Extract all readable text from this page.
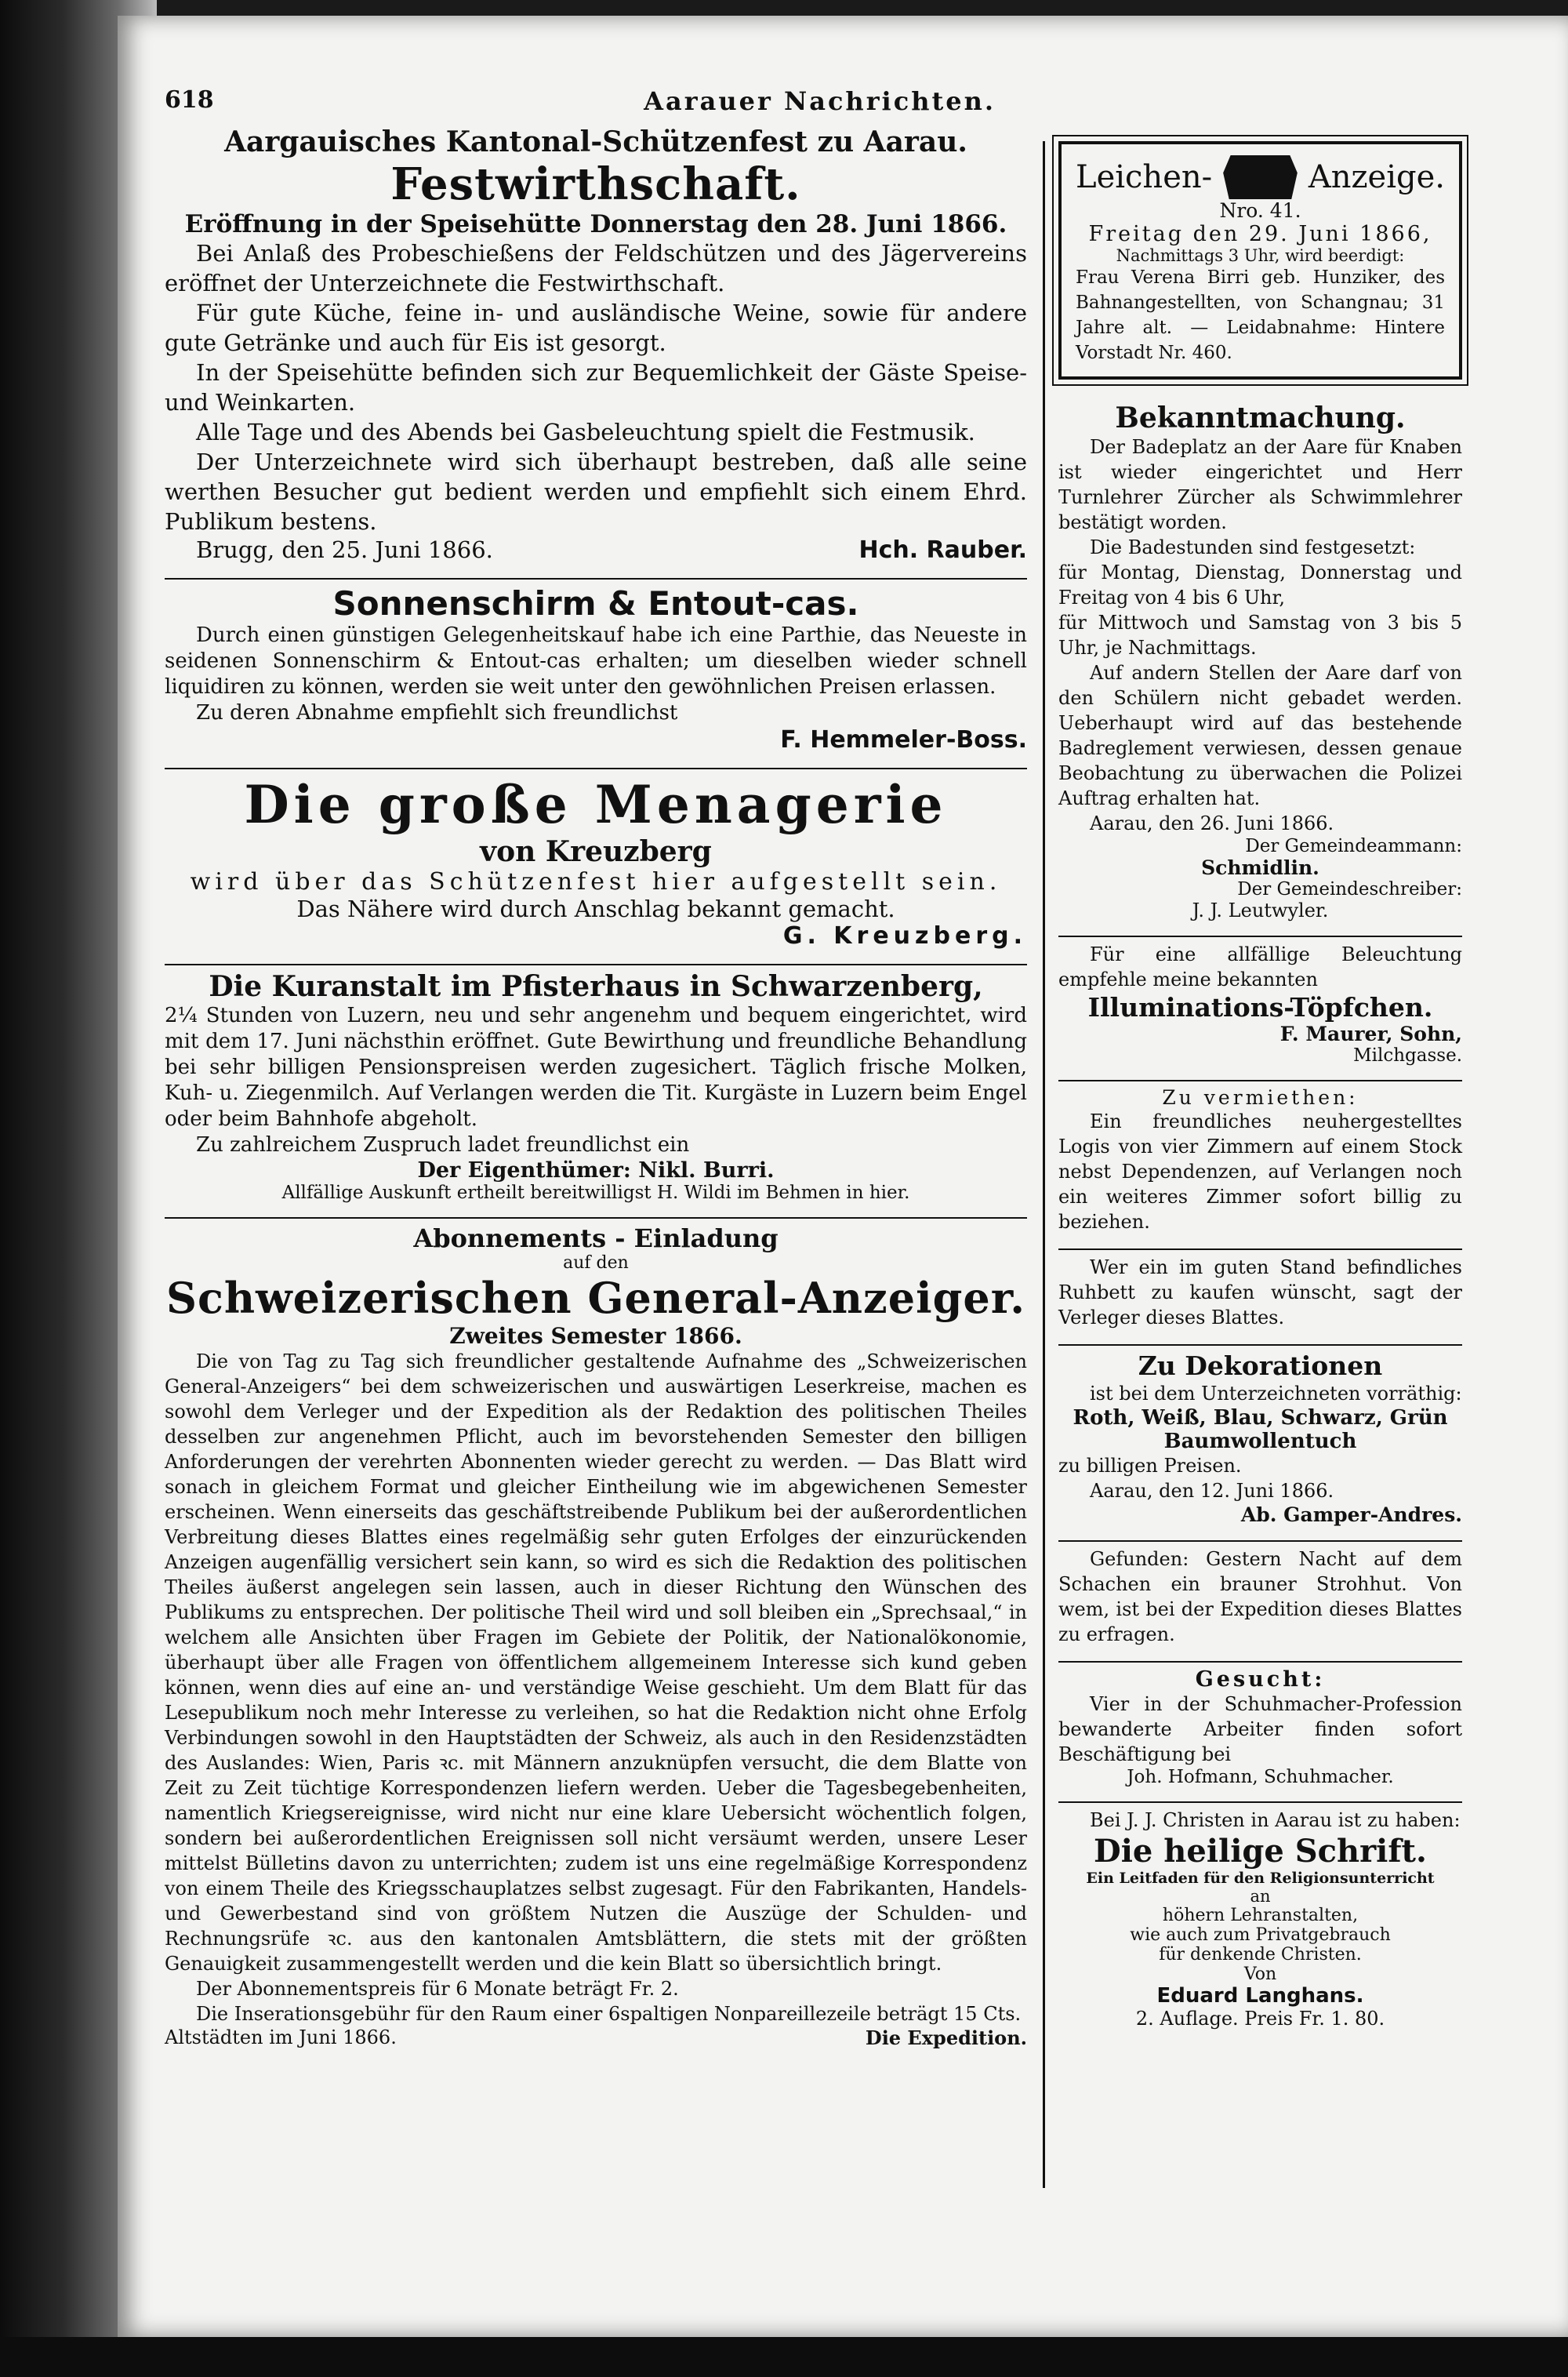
618	Aarauer Nachrichten.
Aargauisches Kantonal-Schützenfest zu Aarau.
Festwirthschaft.
Eröffnung in der Speisehütte Donnerstag den 28. Juni 1866.

Bei Anlaß des Probeschießens der Feldschützen und des Jägervereins eröffnet der Unterzeichnete die Festwirthschaft.

Für gute Küche, feine in- und ausländische Weine, sowie für andere gute Getränke und auch für Eis ist gesorgt.

In der Speisehütte befinden sich zur Bequemlichkeit der Gäste Speise- und Weinkarten.

Alle Tage und des Abends bei Gasbeleuchtung spielt die Festmusik.

Der Unterzeichnete wird sich überhaupt bestreben, daß alle seine werthen Besucher gut bedient werden und empfiehlt sich einem Ehrd. Publikum bestens.

Brugg, den 25. Juni 1866.	Hch. Rauber.
Sonnenschirm & Entout-cas.

Durch einen günstigen Gelegenheitskauf habe ich eine Parthie, das Neueste in seidenen Sonnenschirm & Entout-cas erhalten; um dieselben wieder schnell liquidiren zu können, werden sie weit unter den gewöhnlichen Preisen erlassen.

Zu deren Abnahme empfiehlt sich freundlichst

F. Hemmeler-Boss.
Die große Menagerie
von Kreuzberg
wird über das Schützenfest hier aufgestellt sein.
Das Nähere wird durch Anschlag bekannt gemacht.
G. Kreuzberg.
Die Kuranstalt im Pfisterhaus in Schwarzenberg,

2¼ Stunden von Luzern, neu und sehr angenehm und bequem eingerichtet, wird mit dem 17. Juni nächsthin eröffnet. Gute Bewirthung und freundliche Behandlung bei sehr billigen Pensionspreisen werden zugesichert. Täglich frische Molken, Kuh- u. Ziegenmilch. Auf Verlangen werden die Tit. Kurgäste in Luzern beim Engel oder beim Bahnhofe abgeholt.

Zu zahlreichem Zuspruch ladet freundlichst ein

Der Eigenthümer: Nikl. Burri.
Allfällige Auskunft ertheilt bereitwilligst H. Wildi im Behmen in hier.
Abonnements - Einladung
auf den
Schweizerischen General-Anzeiger.
Zweites Semester 1866.

Die von Tag zu Tag sich freundlicher gestaltende Aufnahme des „Schweizerischen General-Anzeigers“ bei dem schweizerischen und auswärtigen Leserkreise, machen es sowohl dem Verleger und der Expedition als der Redaktion des politischen Theiles desselben zur angenehmen Pflicht, auch im bevorstehenden Semester den billigen Anforderungen der verehrten Abonnenten wieder gerecht zu werden. — Das Blatt wird sonach in gleichem Format und gleicher Eintheilung wie im abgewichenen Semester erscheinen. Wenn einerseits das geschäftstreibende Publikum bei der außerordentlichen Verbreitung dieses Blattes eines regelmäßig sehr guten Erfolges der einzurückenden Anzeigen augenfällig versichert sein kann, so wird es sich die Redaktion des politischen Theiles äußerst angelegen sein lassen, auch in dieser Richtung den Wünschen des Publikums zu entsprechen. Der politische Theil wird und soll bleiben ein „Sprechsaal,“ in welchem alle Ansichten über Fragen im Gebiete der Politik, der Nationalökonomie, überhaupt über alle Fragen von öffentlichem allgemeinem Interesse sich kund geben können, wenn dies auf eine an- und verständige Weise geschieht. Um dem Blatt für das Lesepublikum noch mehr Interesse zu verleihen, so hat die Redaktion nicht ohne Erfolg Verbindungen sowohl in den Hauptstädten der Schweiz, als auch in den Residenzstädten des Auslandes: Wien, Paris ꝛc. mit Männern anzuknüpfen versucht, die dem Blatte von Zeit zu Zeit tüchtige Korrespondenzen liefern werden. Ueber die Tagesbegebenheiten, namentlich Kriegsereignisse, wird nicht nur eine klare Uebersicht wöchentlich folgen, sondern bei außerordentlichen Ereignissen soll nicht versäumt werden, unsere Leser mittelst Bülletins davon zu unterrichten; zudem ist uns eine regelmäßige Korrespondenz von einem Theile des Kriegsschauplatzes selbst zugesagt. Für den Fabrikanten, Handels- und Gewerbestand sind von größtem Nutzen die Auszüge der Schulden- und Rechnungsrüfe ꝛc. aus den kantonalen Amtsblättern, die stets mit der größten Genauigkeit zusammengestellt werden und die kein Blatt so übersichtlich bringt.

Der Abonnementspreis für 6 Monate beträgt Fr. 2.

Die Inserationsgebühr für den Raum einer 6spaltigen Nonpareillezeile beträgt 15 Cts.

Altstädten im Juni 1866.	Die Expedition.
Leichen-	Anzeige.
Nro. 41.
Freitag den 29. Juni 1866,
Nachmittags 3 Uhr, wird beerdigt:

Frau Verena Birri geb. Hunziker, des Bahnangestellten, von Schangnau; 31 Jahre alt. — Leidabnahme: Hintere Vorstadt Nr. 460.

Bekanntmachung.

Der Badeplatz an der Aare für Knaben ist wieder eingerichtet und Herr Turnlehrer Zürcher als Schwimmlehrer bestätigt worden.

Die Badestunden sind festgesetzt:

für Montag, Dienstag, Donnerstag und Freitag von 4 bis 6 Uhr,

für Mittwoch und Samstag von 3 bis 5 Uhr, je Nachmittags.

Auf andern Stellen der Aare darf von den Schülern nicht gebadet werden. Ueberhaupt wird auf das bestehende Badreglement verwiesen, dessen genaue Beobachtung zu überwachen die Polizei Auftrag erhalten hat.

Aarau, den 26. Juni 1866.

Der Gemeindeammann:
Schmidlin.
Der Gemeindeschreiber:
J. J. Leutwyler.

Für eine allfällige Beleuchtung empfehle meine bekannten

Illuminations-Töpfchen.
F. Maurer, Sohn,
Milchgasse.
Zu vermiethen:

Ein freundliches neuhergestelltes Logis von vier Zimmern auf einem Stock nebst Dependenzen, auf Verlangen noch ein weiteres Zimmer sofort billig zu beziehen.

Wer ein im guten Stand befindliches Ruhbett zu kaufen wünscht, sagt der Verleger dieses Blattes.

Zu Dekorationen

ist bei dem Unterzeichneten vorräthig:

Roth, Weiß, Blau, Schwarz, Grün
Baumwollentuch

zu billigen Preisen.

Aarau, den 12. Juni 1866.

Ab. Gamper-Andres.

Gefunden: Gestern Nacht auf dem Schachen ein brauner Strohhut. Von wem, ist bei der Expedition dieses Blattes zu erfragen.

Gesucht:

Vier in der Schuhmacher-Profession bewanderte Arbeiter finden sofort Beschäftigung bei

Joh. Hofmann, Schuhmacher.

Bei J. J. Christen in Aarau ist zu haben:

Die heilige Schrift.
Ein Leitfaden für den Religionsunterricht
an
höhern Lehranstalten,
wie auch zum Privatgebrauch
für denkende Christen.
Von
Eduard Langhans.
2. Auflage. Preis Fr. 1. 80.
